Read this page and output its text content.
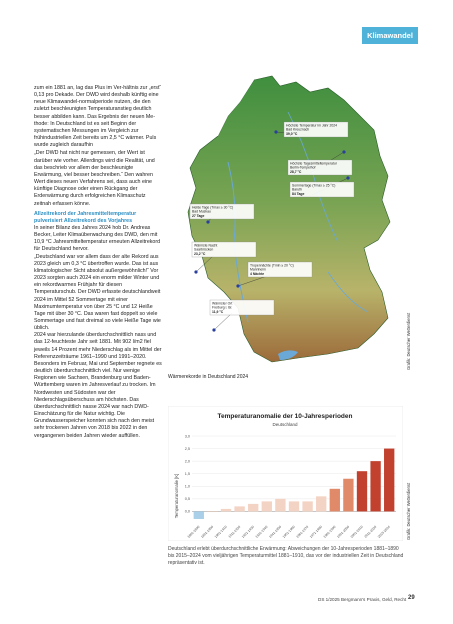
Klimawandel

zum ein 1881 an, lag das Plus im Ver-hältnis zur „erst“ 0,13 pro Dekade. Der DWD wird deshalb künftig eine neue Klimawandel-normalperiode nutzen, die den zuletzt beschleunigten Temperaturanstieg deutlich besser abbilden kann. Das Ergebnis der neuen Me-thode: In Deutschland ist es seit Beginn der systematischen Messungen im Vergleich zur frühindustriellen Zeit bereits um 2,5 °C wärmer. Puls wurde zugleich daraufhin

„Der DWD hat nicht nur gemessen, der Wert ist darüber wie vorher. Allerdings wird die Realität, und das beschrieb vor allem der beschleunigte Erwärmung, viel besser beschreiben.“ Den wahren Wert dieses neuen Verfahrens sei, dass auch eine künftige Diagnose oder einen Rückgang der Erderwärmung durch erfolgreichen Klimaschutz zeitnah erfassen könne.

Allzeitrekord der Jahresmitteltemperatur pulverisiert Allzeitrekord des Vorjahres

In seiner Bilanz des Jahres 2024 hob Dr. Andreas Becker, Leiter Klimaüberwachung des DWD, den mit 10,9 °C Jahresmitteltemperatur erneuten Allzeitrekord für Deutschland hervor.

„Deutschland war vor allem dass der alte Rekord aus 2023 gleich um 0,3 °C übertroffen wurde. Das ist aus klimatologischer Sicht absolut außergewöhnlich!“ Vor 2023 sorgten auch 2024 ein enorm milder Winter und ein rekordwarmes Frühjahr für diesen Temperaturschub. Der DWD erfasste deutschlandweit 2024 im Mittel 52 Sommertage mit einer Maximumtemperatur von über 25 °C und 12 Heiße Tage mit über 30 °C. Das waren fast doppelt so viele Sommertage und fast dreimal so viele Heiße Tage wie üblich.

2024 war hierzulande überdurchschnittlich nass und das 12-feuchteste Jahr seit 1881. Mit 902 l/m2 fiel jeweils 14 Prozent mehr Niederschlag als im Mittel der Referenzzeiträume 1961–1990 und 1991–2020. Besonders im Februar, Mai und September regnete es deutlich überdurchschnittlich viel. Nur wenige Regionen wie Sachsen, Brandenburg und Baden-Württemberg waren im Jahresverlauf zu trocken. Im Nordwesten und Südosten war der Niederschlagsüberschuss am höchsten. Das überdurchschnittlich nasse 2024 war nach DWD-Einschätzung für die Natur wichtig. Die Grundwasserspeicher konnten sich nach den meist sehr trockenen Jahren von 2018 bis 2022 in den vergangenen beiden Jahren wieder auffüllen.

Höchste Temperatur im Jahr 2024
Bad Kreuznach
39,0 °C
Höchste Tagesmitteltemperatur
Berlin-Tempelhof
28,7 °C
Sommertage (Tmax ≥ 25 °C)
Baruth
84 Tage
Heiße Tage (Tmax ≥ 30 °C)
Bad Muskau
27 Tage
Wärmste Nacht
Saarbrücken
23,2 °C
Tropennächte (Tmin ≥ 20 °C)
Mannheim
4 Nächte
Wärmster Ort
Freiburg i. Br.
11,9 °C
Grafik: Deutscher Wetterdienst
Wärmerekorde in Deutschland 2024
Temperaturanomalie der 10-Jahresperioden
Deutschland
Temperaturanomalie [K] 0,0
0,5
1,0
1,5
2,0
2,5
3,0
1881-1890 1891-1900 1901-1910 1911-1920 1921-1930 1931-1940 1941-1950 1951-1960 1961-1970 1971-1980 1981-1990 1991-2000 2001-2010 2011-2020 2015-2024	Grafik: Deutscher Wetterdienst
Deutschland erlebt überdurchschnittliche Erwärmung: Abweichungen der 10-Jahresperioden 1881–1890 bis 2015–2024 vom vieljährigen Temperaturmittel 1881–1910, das vor der industriellen Zeit in Deutschland repräsentativ ist.
DS 1/2025 Bergmann's Praxis, Geld, Recht 29
